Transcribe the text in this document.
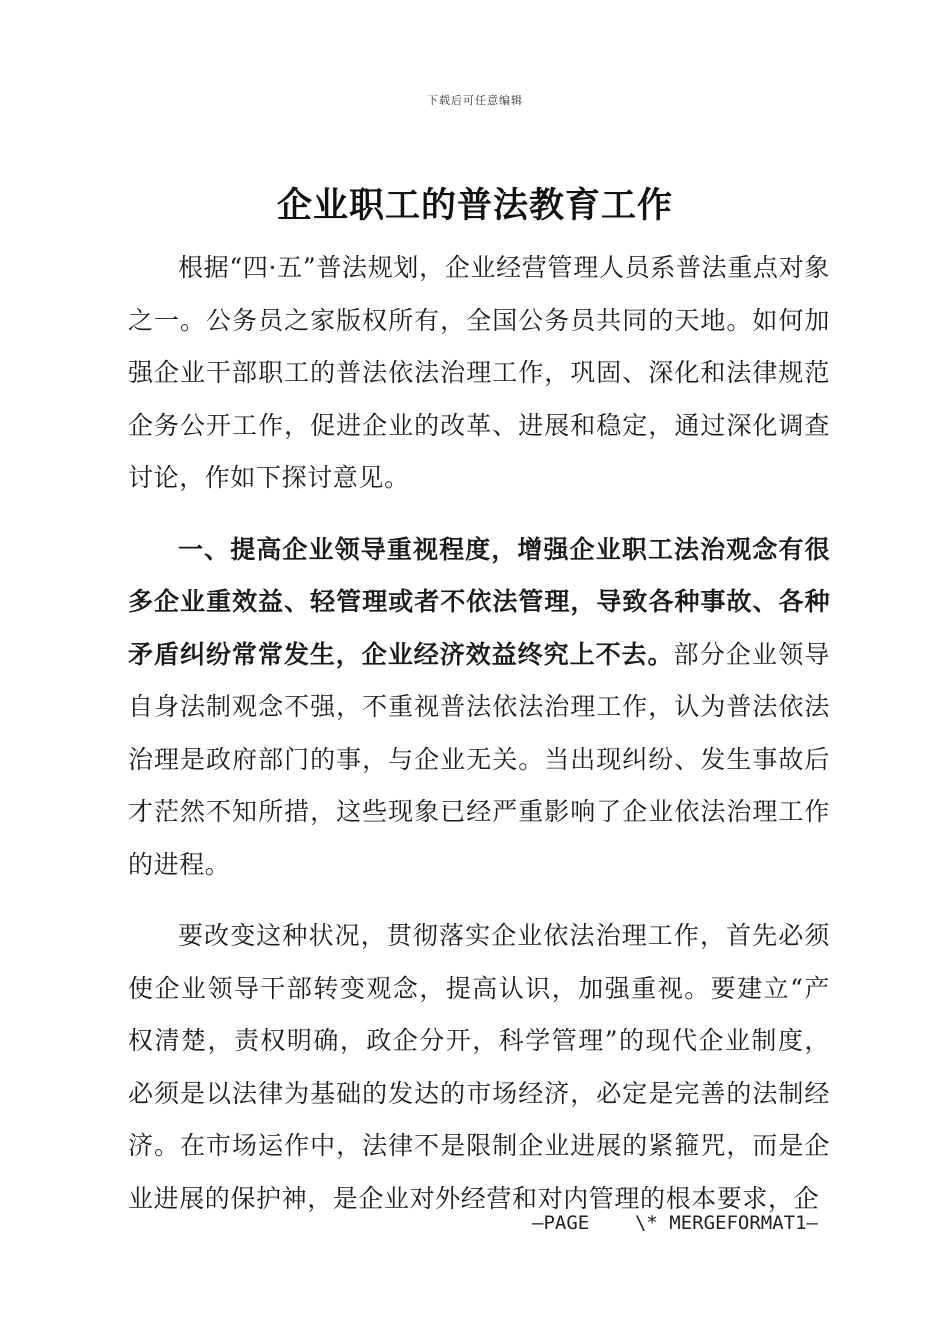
下载后可任意编辑
企业职工的普法教育工作

根据“四·五”普法规划，企业经营管理人员系普法重点对象之一。公务员之家版权所有，全国公务员共同的天地。如何加强企业干部职工的普法依法治理工作，巩固、深化和法律规范企务公开工作，促进企业的改革、进展和稳定，通过深化调查讨论，作如下探讨意见。

一、提高企业领导重视程度，增强企业职工法治观念有很多企业重效益、轻管理或者不依法管理，导致各种事故、各种矛盾纠纷常常发生，企业经济效益终究上不去。部分企业领导自身法制观念不强，不重视普法依法治理工作，认为普法依法治理是政府部门的事，与企业无关。当出现纠纷、发生事故后才茫然不知所措，这些现象已经严重影响了企业依法治理工作的进程。

要改变这种状况，贯彻落实企业依法治理工作，首先必须使企业领导干部转变观念，提高认识，加强重视。要建立“产权清楚，责权明确，政企分开，科学管理”的现代企业制度，必须是以法律为基础的发达的市场经济，必定是完善的法制经济。在市场运作中，法律不是限制企业进展的紧箍咒，而是企业进展的保护神，是企业对外经营和对内管理的根本要求，企

—PAGE    \* MERGEFORMAT1—
